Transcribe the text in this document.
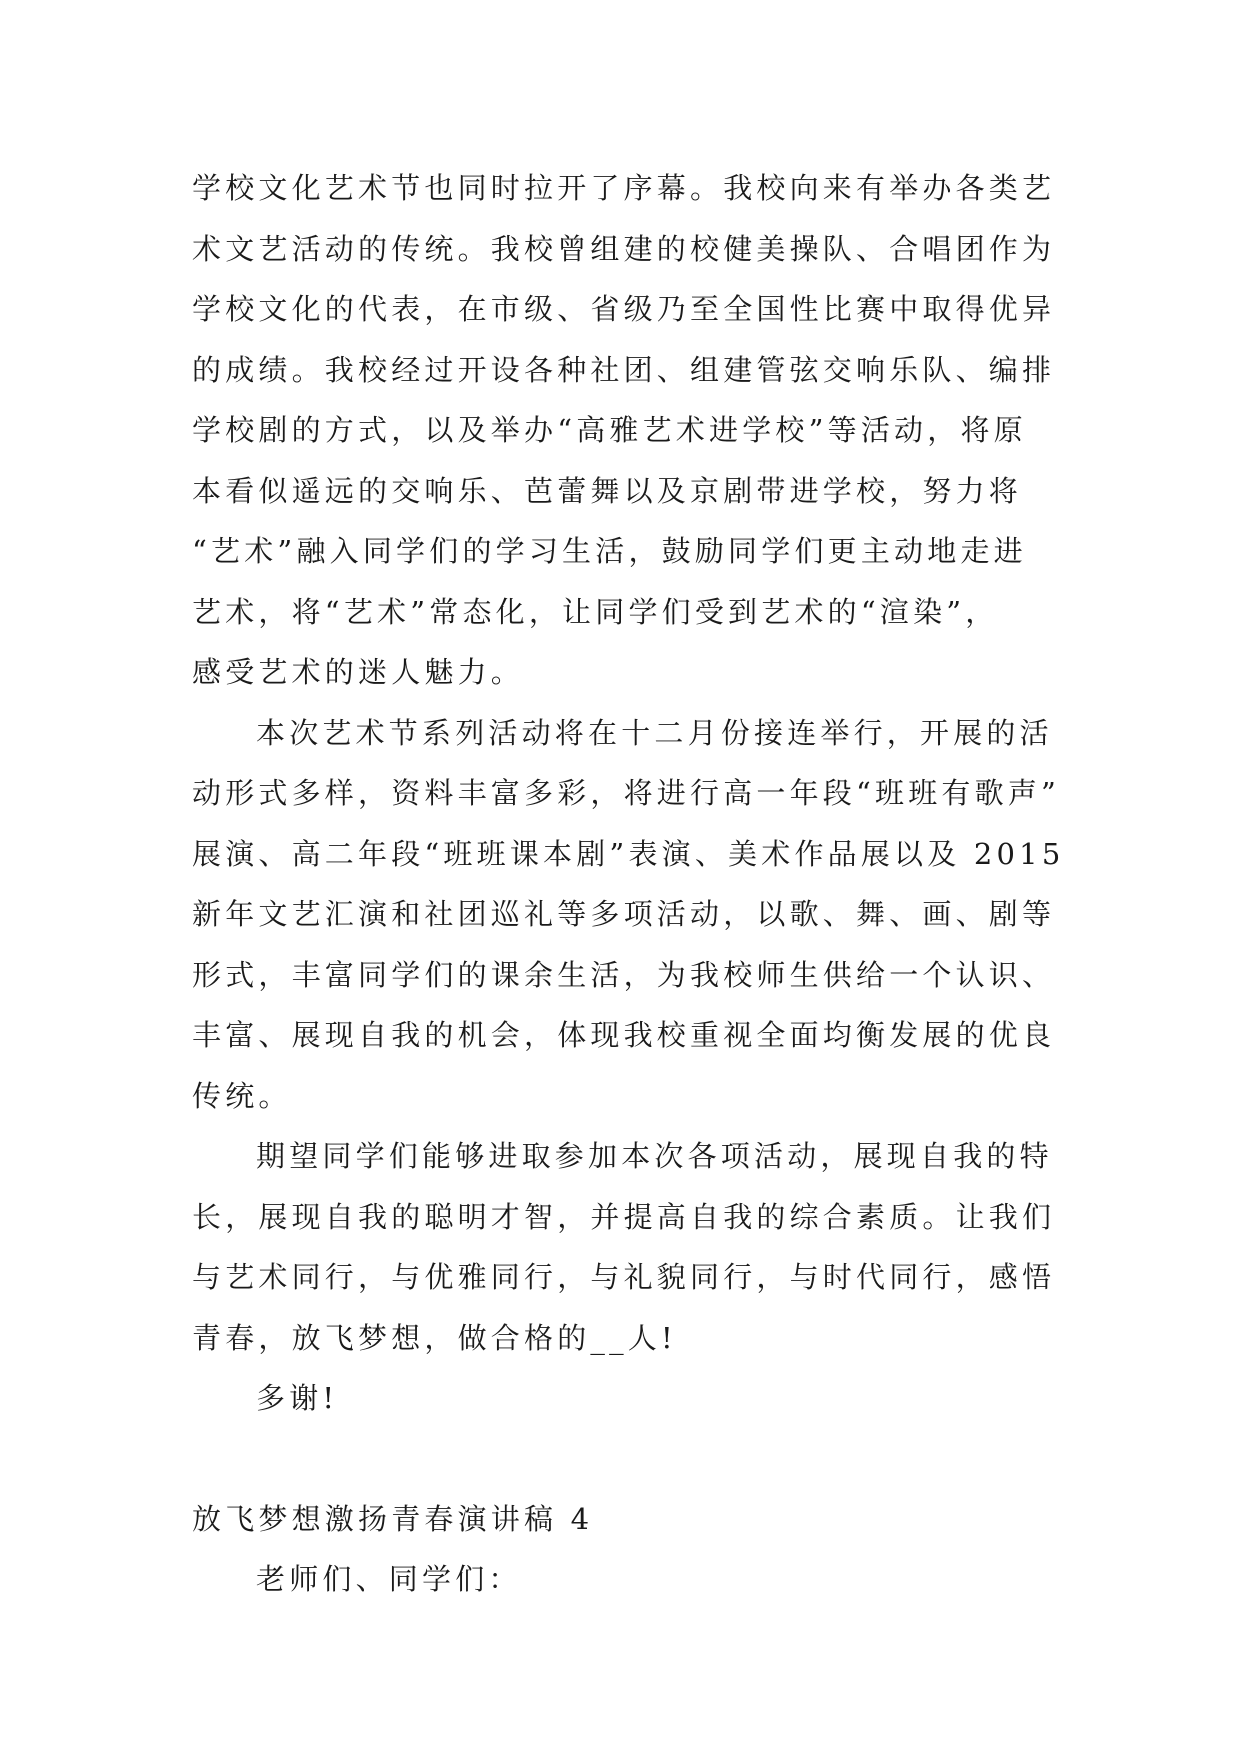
学校文化艺术节也同时拉开了序幕。我校向来有举办各类艺
术文艺活动的传统。我校曾组建的校健美操队、合唱团作为
学校文化的代表，在市级、省级乃至全国性比赛中取得优异
的成绩。我校经过开设各种社团、组建管弦交响乐队、编排
学校剧的方式，以及举办“高雅艺术进学校”等活动，将原
本看似遥远的交响乐、芭蕾舞以及京剧带进学校，努力将
“艺术”融入同学们的学习生活，鼓励同学们更主动地走进
艺术，将“艺术”常态化，让同学们受到艺术的“渲染”，
感受艺术的迷人魅力。
本次艺术节系列活动将在十二月份接连举行，开展的活
动形式多样，资料丰富多彩，将进行高一年段“班班有歌声”
展演、高二年段“班班课本剧”表演、美术作品展以及 2015
新年文艺汇演和社团巡礼等多项活动，以歌、舞、画、剧等
形式，丰富同学们的课余生活，为我校师生供给一个认识、
丰富、展现自我的机会，体现我校重视全面均衡发展的优良
传统。
期望同学们能够进取参加本次各项活动，展现自我的特
长，展现自我的聪明才智，并提高自我的综合素质。让我们
与艺术同行，与优雅同行，与礼貌同行，与时代同行，感悟
青春，放飞梦想，做合格的__人!
多谢!
放飞梦想激扬青春演讲稿 4
老师们、同学们：
